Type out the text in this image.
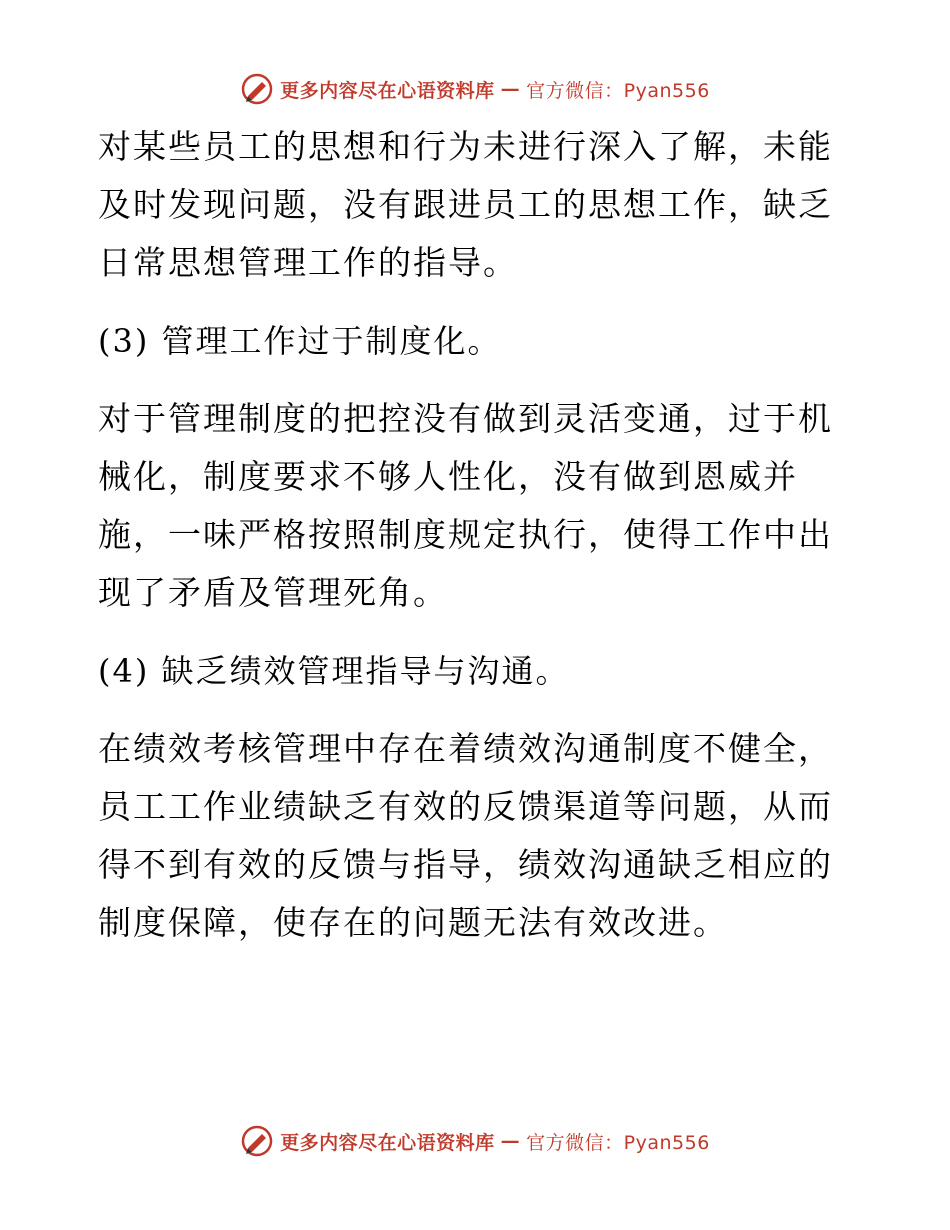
更多内容尽在心语资料库 — 官方微信：Pyan556

对某些员工的思想和行为未进行深入了解，未能及时发现问题，没有跟进员工的思想工作，缺乏日常思想管理工作的指导。

(3) 管理工作过于制度化。

对于管理制度的把控没有做到灵活变通，过于机械化，制度要求不够人性化，没有做到恩威并施，一味严格按照制度规定执行，使得工作中出现了矛盾及管理死角。

(4) 缺乏绩效管理指导与沟通。

在绩效考核管理中存在着绩效沟通制度不健全，员工工作业绩缺乏有效的反馈渠道等问题，从而得不到有效的反馈与指导，绩效沟通缺乏相应的制度保障，使存在的问题无法有效改进。

更多内容尽在心语资料库 — 官方微信：Pyan556
